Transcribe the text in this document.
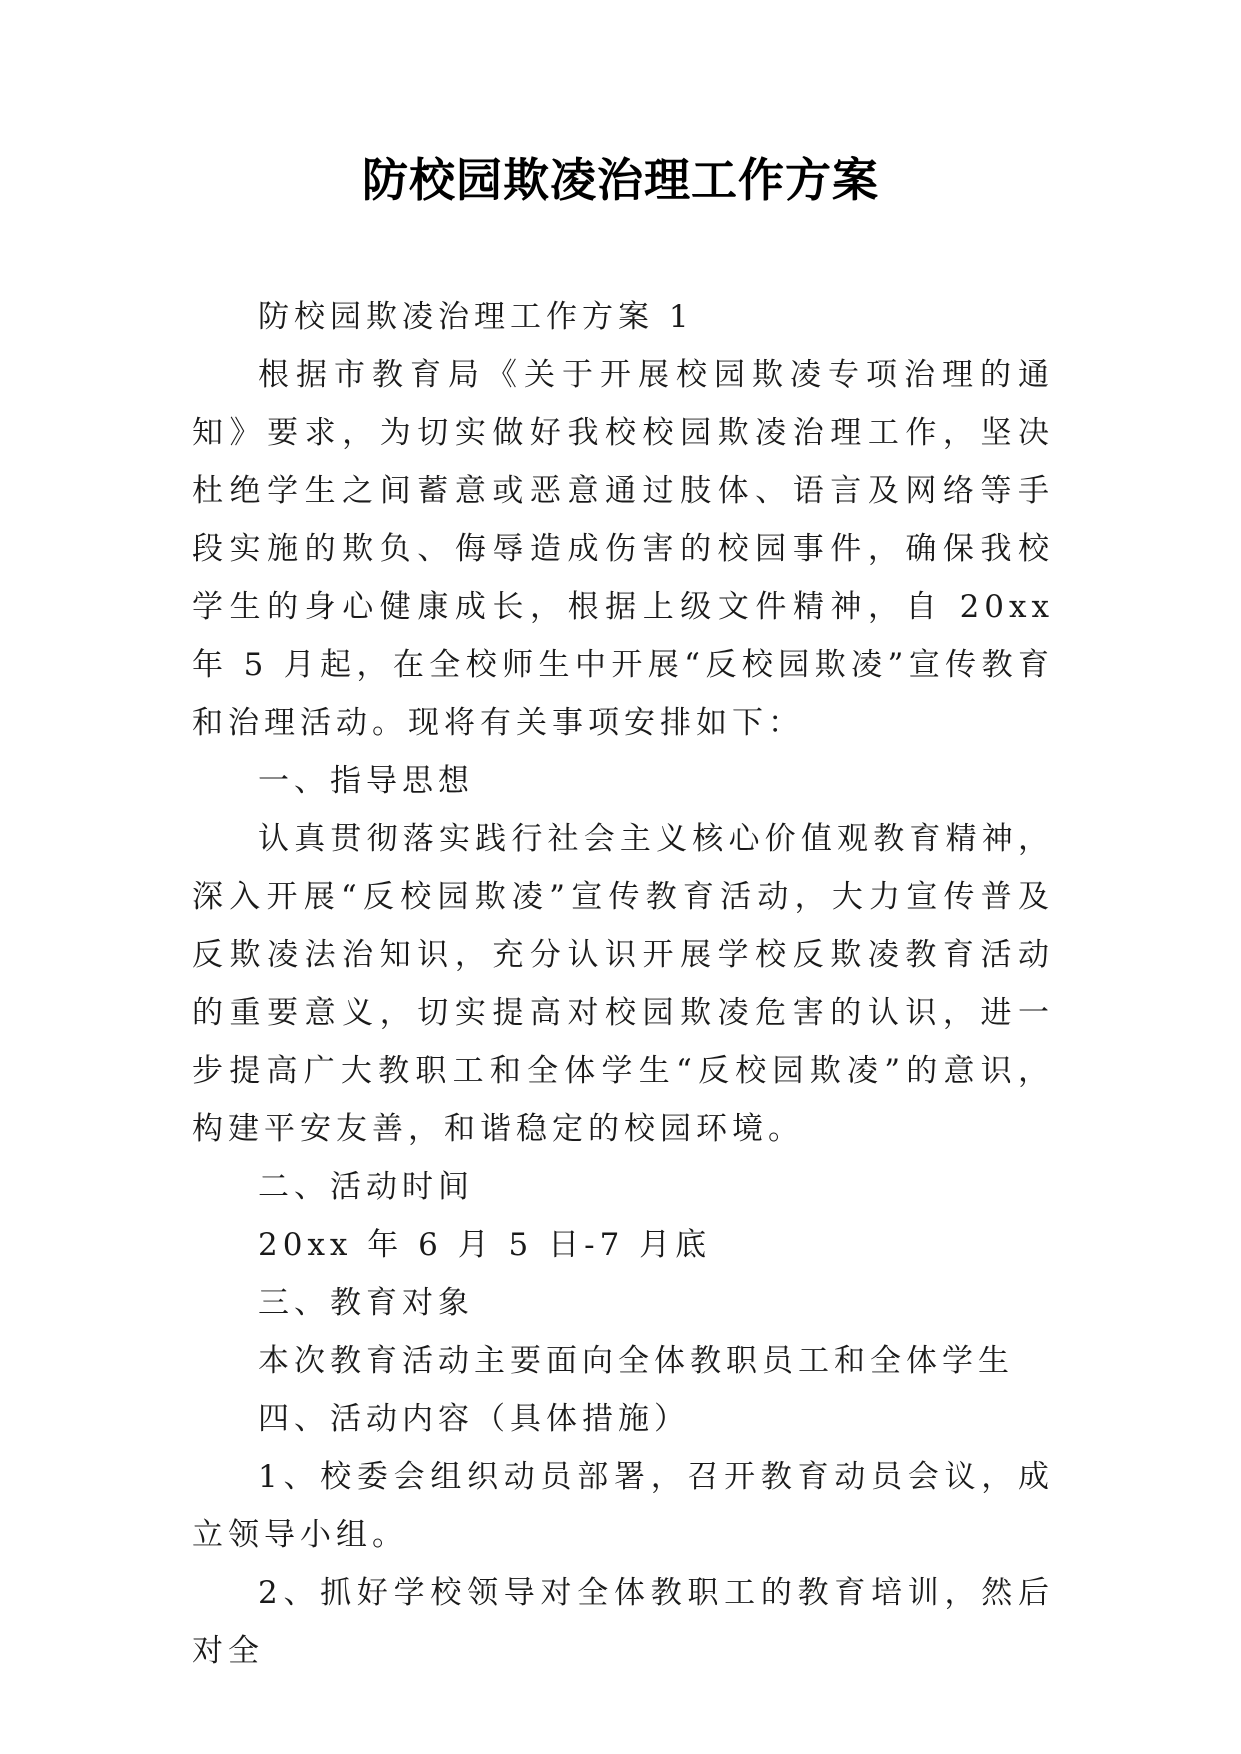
防校园欺凌治理工作方案

防校园欺凌治理工作方案 1

根据市教育局《关于开展校园欺凌专项治理的通知》要求，为切实做好我校校园欺凌治理工作，坚决杜绝学生之间蓄意或恶意通过肢体、语言及网络等手段实施的欺负、侮辱造成伤害的校园事件，确保我校学生的身心健康成长，根据上级文件精神，自 20xx 年 5 月起，在全校师生中开展“反校园欺凌”宣传教育和治理活动。现将有关事项安排如下：

一、指导思想

认真贯彻落实践行社会主义核心价值观教育精神，深入开展“反校园欺凌”宣传教育活动，大力宣传普及反欺凌法治知识，充分认识开展学校反欺凌教育活动的重要意义，切实提高对校园欺凌危害的认识，进一步提高广大教职工和全体学生“反校园欺凌”的意识，构建平安友善，和谐稳定的校园环境。

二、活动时间

20xx 年 6 月 5 日-7 月底

三、教育对象

本次教育活动主要面向全体教职员工和全体学生

四、活动内容（具体措施）

1、校委会组织动员部署，召开教育动员会议，成立领导小组。

2、抓好学校领导对全体教职工的教育培训，然后对全
